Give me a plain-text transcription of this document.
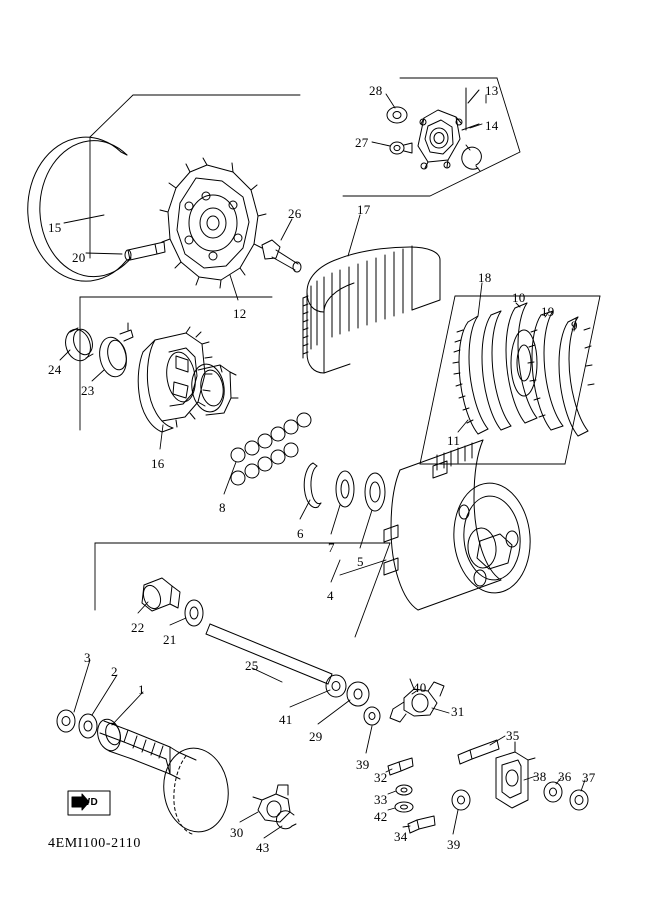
FWD
4EMI100-2110
28	13
27
14
15
20
26	17
12
18
10
19
9
24
23
16
11
8
6
7
5
4
22
21
3
2
1
25
41
29
40
31
39
32
33
42
34
35
38 36 37
39
30
43
